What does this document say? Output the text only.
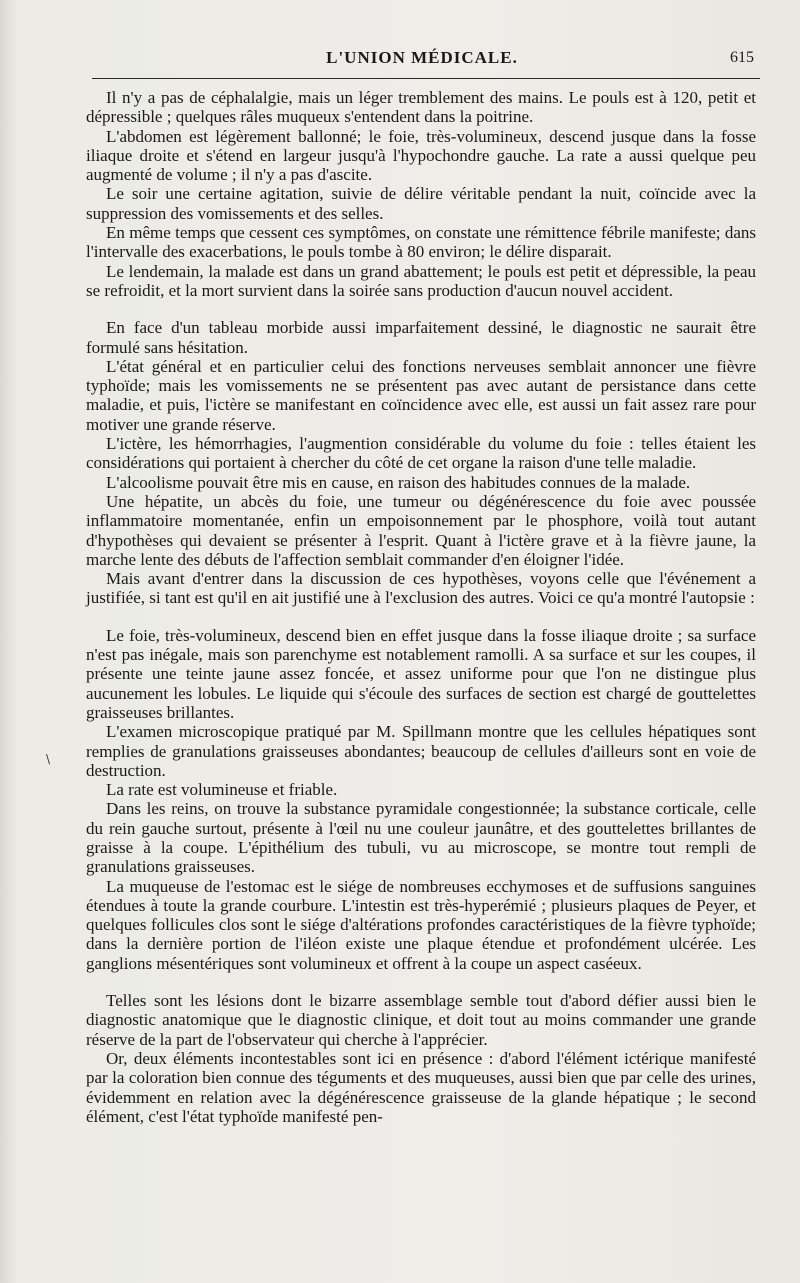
L'UNION MÉDICALE.	615
\

Il n'y a pas de céphalalgie, mais un léger tremblement des mains. Le pouls est à 120, petit et dépressible ; quelques râles muqueux s'entendent dans la poitrine.

L'abdomen est légèrement ballonné; le foie, très-volumineux, descend jusque dans la fosse iliaque droite et s'étend en largeur jusqu'à l'hypochondre gauche. La rate a aussi quelque peu augmenté de volume ; il n'y a pas d'ascite.

Le soir une certaine agitation, suivie de délire véritable pendant la nuit, coïncide avec la suppression des vomissements et des selles.

En même temps que cessent ces symptômes, on constate une rémittence fébrile manifeste; dans l'intervalle des exacerbations, le pouls tombe à 80 environ; le délire disparait.

Le lendemain, la malade est dans un grand abattement; le pouls est petit et dépressible, la peau se refroidit, et la mort survient dans la soirée sans production d'aucun nouvel accident.

En face d'un tableau morbide aussi imparfaitement dessiné, le diagnostic ne saurait être formulé sans hésitation.

L'état général et en particulier celui des fonctions nerveuses semblait annoncer une fièvre typhoïde; mais les vomissements ne se présentent pas avec autant de persistance dans cette maladie, et puis, l'ictère se manifestant en coïncidence avec elle, est aussi un fait assez rare pour motiver une grande réserve.

L'ictère, les hémorrhagies, l'augmention considérable du volume du foie : telles étaient les considérations qui portaient à chercher du côté de cet organe la raison d'une telle maladie.

L'alcoolisme pouvait être mis en cause, en raison des habitudes connues de la malade.

Une hépatite, un abcès du foie, une tumeur ou dégénérescence du foie avec poussée inflammatoire momentanée, enfin un empoisonnement par le phosphore, voilà tout autant d'hypothèses qui devaient se présenter à l'esprit. Quant à l'ictère grave et à la fièvre jaune, la marche lente des débuts de l'affection semblait commander d'en éloigner l'idée.

Mais avant d'entrer dans la discussion de ces hypothèses, voyons celle que l'événement a justifiée, si tant est qu'il en ait justifié une à l'exclusion des autres. Voici ce qu'a montré l'autopsie :

Le foie, très-volumineux, descend bien en effet jusque dans la fosse iliaque droite ; sa surface n'est pas inégale, mais son parenchyme est notablement ramolli. A sa surface et sur les coupes, il présente une teinte jaune assez foncée, et assez uniforme pour que l'on ne distingue plus aucunement les lobules. Le liquide qui s'écoule des surfaces de section est chargé de gouttelettes graisseuses brillantes.

L'examen microscopique pratiqué par M. Spillmann montre que les cellules hépatiques sont remplies de granulations graisseuses abondantes; beaucoup de cellules d'ailleurs sont en voie de destruction.

La rate est volumineuse et friable.

Dans les reins, on trouve la substance pyramidale congestionnée; la substance corticale, celle du rein gauche surtout, présente à l'œil nu une couleur jaunâtre, et des gouttelettes brillantes de graisse à la coupe. L'épithélium des tubuli, vu au microscope, se montre tout rempli de granulations graisseuses.

La muqueuse de l'estomac est le siége de nombreuses ecchymoses et de suffusions sanguines étendues à toute la grande courbure. L'intestin est très-hyperémié ; plusieurs plaques de Peyer, et quelques follicules clos sont le siége d'altérations profondes caractéristiques de la fièvre typhoïde; dans la dernière portion de l'iléon existe une plaque étendue et profondément ulcérée. Les ganglions mésentériques sont volumineux et offrent à la coupe un aspect caséeux.

Telles sont les lésions dont le bizarre assemblage semble tout d'abord défier aussi bien le diagnostic anatomique que le diagnostic clinique, et doit tout au moins commander une grande réserve de la part de l'observateur qui cherche à l'apprécier.

Or, deux éléments incontestables sont ici en présence : d'abord l'élément ictérique manifesté par la coloration bien connue des téguments et des muqueuses, aussi bien que par celle des urines, évidemment en relation avec la dégénérescence graisseuse de la glande hépatique ; le second élément, c'est l'état typhoïde manifesté pen-
